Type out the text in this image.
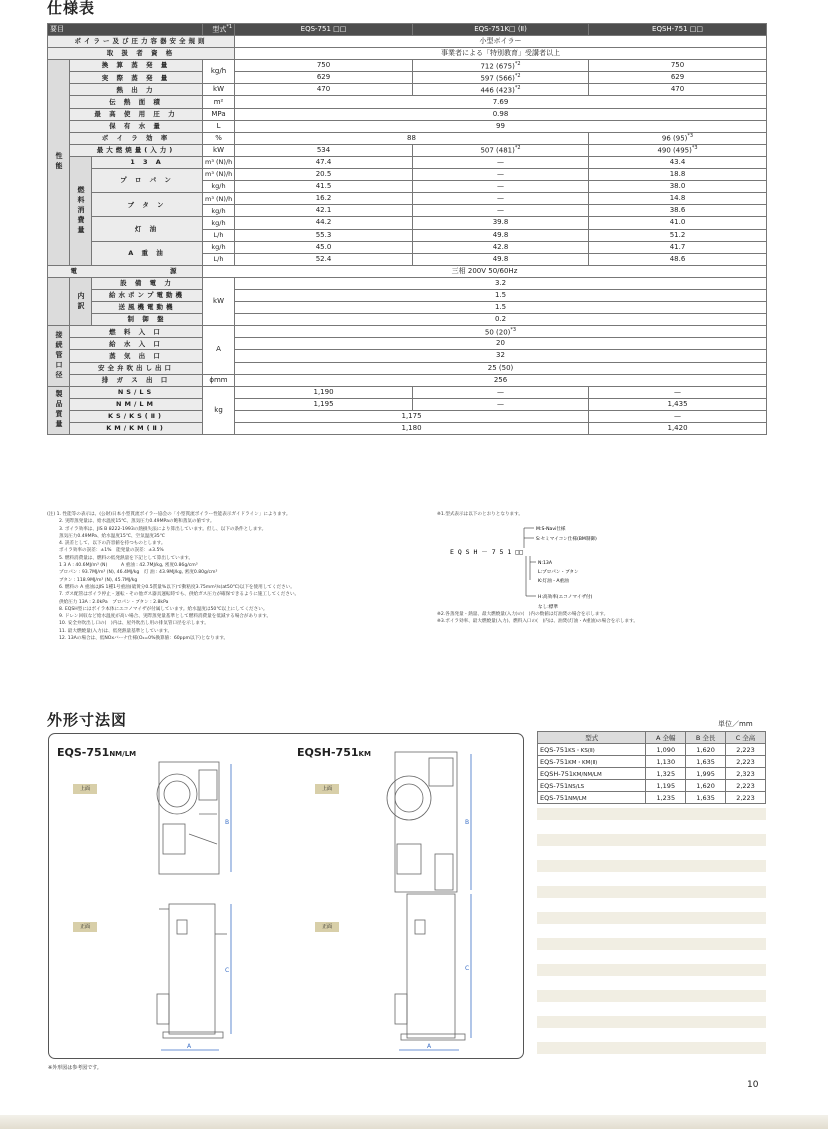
仕様表
要目			型式$^{*1}$	EQS-751 □□	EQS-751K□ (Ⅱ)	EQSH-751 □□
ボイラー及び圧力容器安全規則				小型ボイラー		
取 扱 者 資 格				事業者による「特別教育」受講者以上		
性能	換 算 蒸 発 量		kg/h	750	712 $(675)^{*2}$	750
	実 際 蒸 発 量			629	597 $(566)^{*2}$	629
	熱 出 力		kW	470	446 $(423)^{*2}$	470
	伝 熱 面 積		m²	7.69		
	最 高 使 用 圧 力		MPa	0.98		
	保 有 水 量		L	99		
	ボ イ ラ 効 率		%	88		96 $(95)^{*3}$
	最大燃焼量(入力)		kW	534	507 $(481)^{*2}$	490 $(495)^{*3}$
	燃料消費量	1 3 A	m³ (N)/h	47.4	—	43.4
		プ ロ パ ン	m³ (N)/h	20.5	—	18.8
			kg/h	41.5	—	38.0
		ブ タ ン	m³ (N)/h	16.2	—	14.8
			kg/h	42.1	—	38.6
		灯 油	kg/h	44.2	39.8	41.0
			L/h	55.3	49.8	51.2
		A 重 油	kg/h	45.0	42.8	41.7
			L/h	52.4	49.8	48.6
電 源			三相 200V 50/60Hz			
	内訳	設 備 電 力	kW	3.2		
		給水ポンプ電動機		1.5		
		送風機電動機		1.5		
		制 御 盤		0.2		
接続管口径	燃 料 入 口		A	50 $(20)^{*3}$
	給 水 入 口			20		
	蒸 気 出 口			32		
	安全弁吹出し出口			25 (50)		
	排 ガ ス 出 口		ϕmm	256		
製品質量	NS/LS		kg	1,190	—	—
	NM/LM			1,195	—	1,435
	KS/KS(Ⅱ)			1,175		—
	KM/KM(Ⅱ)			1,180		1,420
(注) 1. 性能等の表示は、(公財)日本小型貫流ボイラー協会の「小型貫流ボイラー性能表示ガイドライン」によります。
2. 実際蒸発量は、給水温度15℃、蒸気圧力0.49MPaの飽和蒸気の値です。
3. ボイラ効率は、JIS B 8222-1993の熱損失法により算出しています。但し、以下の条件とします。
蒸気圧力0.49MPa、給水温度15℃、空気温度35℃
4. 誤差として、以下の許容値を持つものとします。
ボイラ効率の誤差：±1%　能発量の誤差：±3.5%
5. 燃料消費量は、燃料の低発熱量を下記として算出しています。
1 3 A : 40.6MJ/m³ (N)　　　A 重油 : 42.7MJ/kg, 密度0.86g/cm³
プロパン : 93.7MJ/m³ (N), 46.4MJ/kg　灯 油 : 43.9MJ/kg, 密度0.80g/cm³
ブタン : 118.9MJ/m³ (N), 45.7MJ/kg
6. 燃料の A 重油はJIS 1種1号重油(硫黄分0.5質量%以下)で動粘度3.75mm²/s(at50℃)以下を使用してください。
7. ガス配管はボイラ停止・運転・その他ガス器具運転時でも、供給ガス圧力が確保できるように施工してください。
供給圧力 13A : 2.0kPa　プロパン・ブタン : 2.8kPa
8. EQSH型にはボイラ本体にエコノマイザが付属しています。給水温度は50℃以上にしてください。
9. ドレン回収など給水温度が高い場合、実際蒸発量基準として燃料消費量を低減する場合があります。
10. 安全弁吹出し口の(　)内は、屋外吹出し用の排気管口径を示します。
11. 最大燃焼量(入力)は、低発熱量基準としています。
12. 13Aの場合は、低NOxバーナ仕様(O₂=0%換算値：60ppm以下)となります。
※1.型式表示は以下のとおりとなります。
E Q S H － 7 5 1 □□
M:S-Navi仕様
S:セミマイコン仕様(BM制御)
N:13A
L:プロパン・ブタン
K:灯油・A重油
H:高効率(エコノマイザ付)
なし:標準
※2.各蒸発量・熱量、最大燃焼量(入力)の(　)内の数値は灯油焚の場合を示します。
※3.ボイラ効率、最大燃焼量(入力)、燃料入口の(　)内は、油焚(灯油・A重油)の場合を示します。
外形寸法図
EQS-751NM/LM	EQSH-751KM
上面
正面
上面
正面
B
C
A
B
C
A
単位／mm
型式	A 全幅	B 全長	C 全高
EQS-751KS・KS(Ⅱ)	1,090	1,620	2,223
EQS-751KM・KM(Ⅱ)	1,130	1,635	2,223
EQSH-751KM/NM/LM	1,325	1,995	2,323
EQS-751NS/LS	1,195	1,620	2,223
EQS-751NM/LM	1,235	1,635	2,223
※外形図は参考図です。
10
